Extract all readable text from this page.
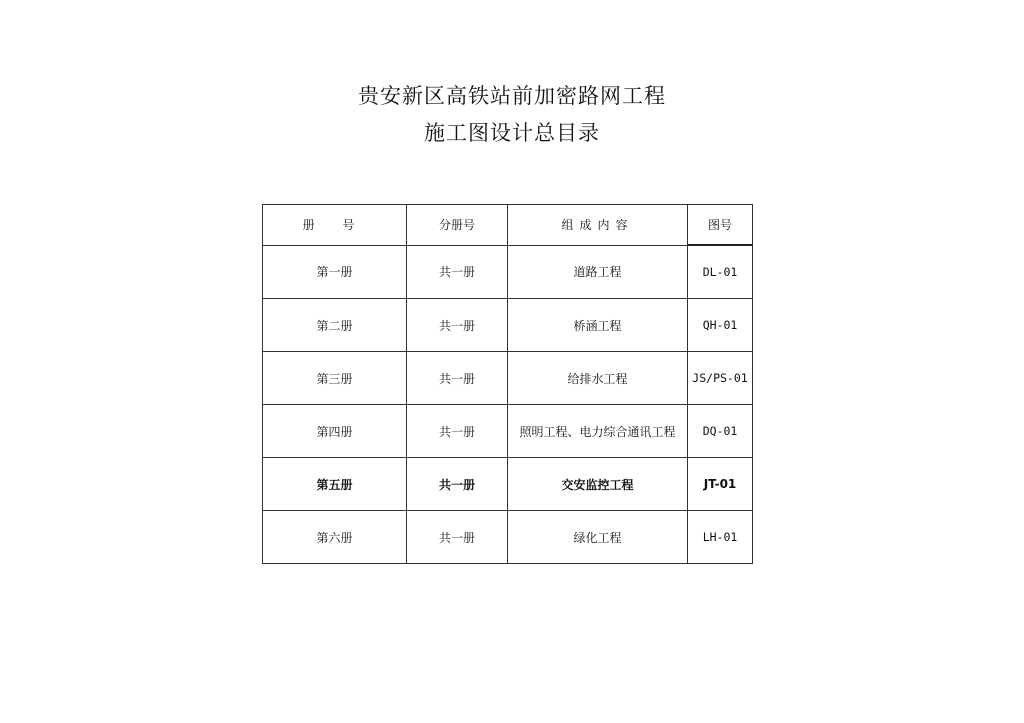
贵安新区高铁站前加密路网工程
施工图设计总目录
册 号	分册号	组成内容	图号
第一册	共一册	道路工程	DL-01
第二册	共一册	桥涵工程	QH-01
第三册	共一册	给排水工程	JS/PS-01
第四册	共一册	照明工程、电力综合通讯工程	DQ-01
第五册	共一册	交安监控工程	JT-01
第六册	共一册	绿化工程	LH-01
